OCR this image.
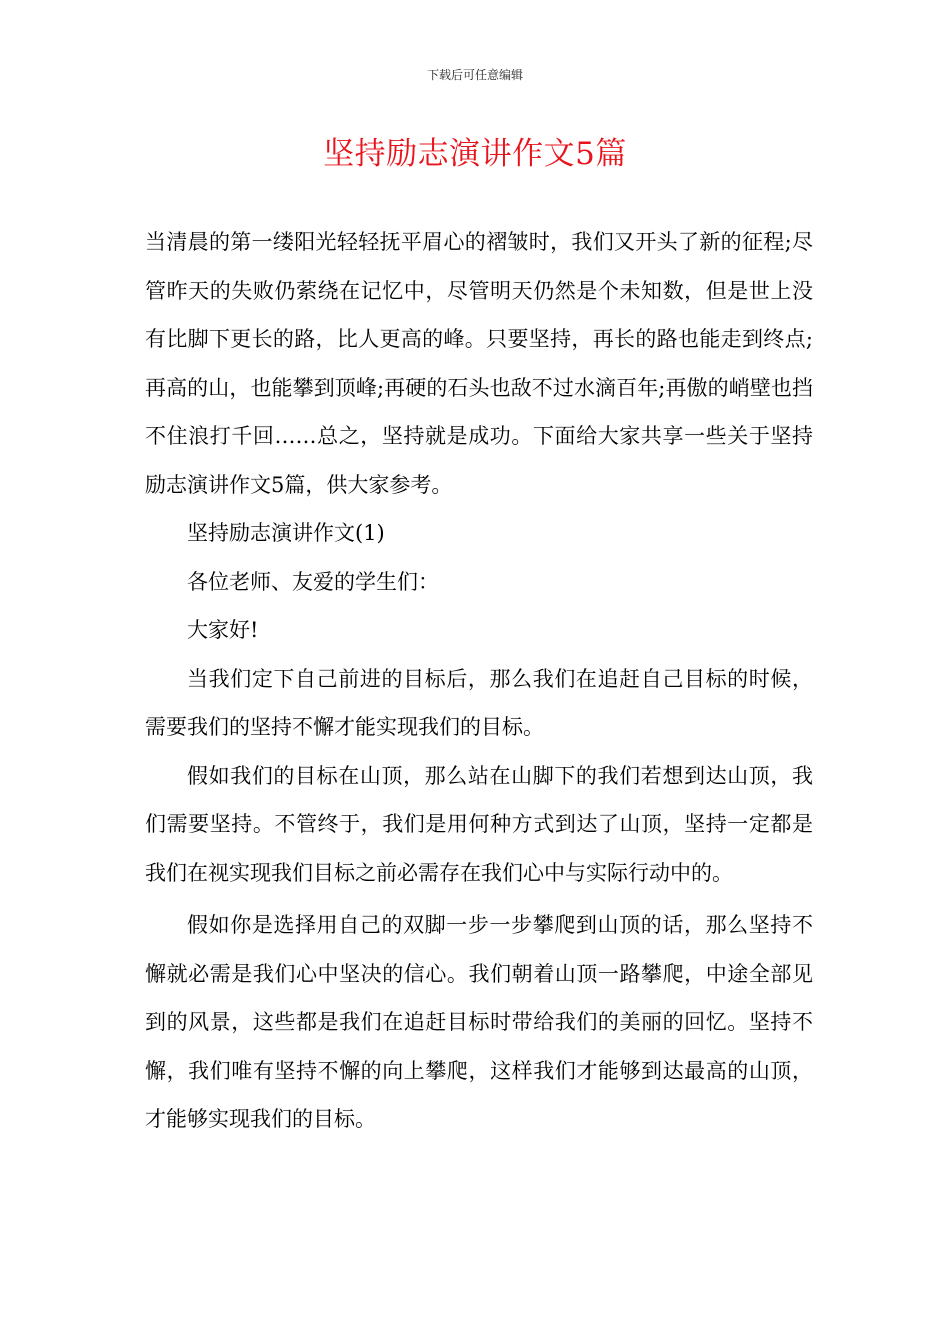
下载后可任意编辑
坚持励志演讲作文5篇

当清晨的第一缕阳光轻轻抚平眉心的褶皱时，我们又开头了新的征程;尽管昨天的失败仍萦绕在记忆中，尽管明天仍然是个未知数，但是世上没有比脚下更长的路，比人更高的峰。只要坚持，再长的路也能走到终点;再高的山，也能攀到顶峰;再硬的石头也敌不过水滴百年;再傲的峭壁也挡不住浪打千回……总之，坚持就是成功。下面给大家共享一些关于坚持励志演讲作文5篇，供大家参考。

坚持励志演讲作文(1)

各位老师、友爱的学生们：

大家好!

当我们定下自己前进的目标后，那么我们在追赶自己目标的时候，需要我们的坚持不懈才能实现我们的目标。

假如我们的目标在山顶，那么站在山脚下的我们若想到达山顶，我们需要坚持。不管终于，我们是用何种方式到达了山顶，坚持一定都是我们在视实现我们目标之前必需存在我们心中与实际行动中的。

假如你是选择用自己的双脚一步一步攀爬到山顶的话，那么坚持不懈就必需是我们心中坚决的信心。我们朝着山顶一路攀爬，中途全部见到的风景，这些都是我们在追赶目标时带给我们的美丽的回忆。坚持不懈，我们唯有坚持不懈的向上攀爬，这样我们才能够到达最高的山顶，才能够实现我们的目标。
